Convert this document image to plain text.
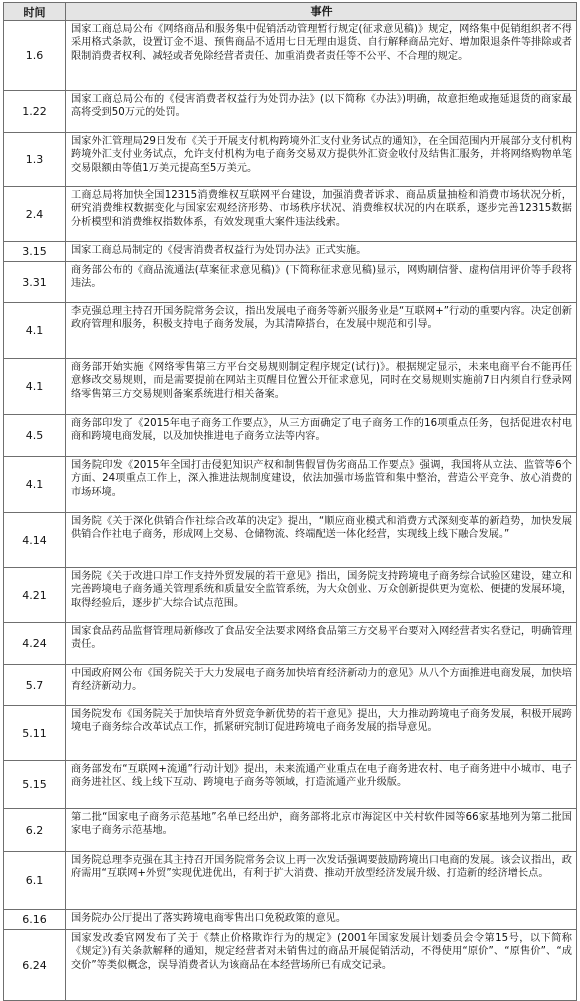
时间	事件
1.6
国家工商总局公布《网络商品和服务集中促销活动管理暂行规定(征求意见稿)》规定，网络集中促销组织者不得采用格式条款，设置订金不退、预售商品不适用七日无理由退货、自行解释商品完好、增加限退条件等排除或者限制消费者权利、减轻或者免除经营者责任、加重消费者责任等不公平、不合理的规定。
1.22
国家工商总局公布的《侵害消费者权益行为处罚办法》(以下简称《办法》)明确，故意拒绝或拖延退货的商家最高将受到50万元的处罚。
1.3
国家外汇管理局29日发布《关于开展支付机构跨境外汇支付业务试点的通知》，在全国范围内开展部分支付机构跨境外汇支付业务试点，允许支付机构为电子商务交易双方提供外汇资金收付及结售汇服务，并将网络购物单笔交易限额由等值1万美元提高至5万美元。
2.4
工商总局将加快全国12315消费维权互联网平台建设，加强消费者诉求、商品质量抽检和消费市场状况分析，研究消费维权数据变化与国家宏观经济形势、市场秩序状况、消费维权状况的内在联系，逐步完善12315数据分析模型和消费维权指数体系，有效发现重大案件违法线索。
3.15	国家工商总局制定的《侵害消费者权益行为处罚办法》正式实施。
3.31
商务部公布的《商品流通法(草案征求意见稿)》(下简称征求意见稿)显示，网购刷信誉、虚构信用评价等手段将违法。
4.1
李克强总理主持召开国务院常务会议，指出发展电子商务等新兴服务业是“互联网+”行动的重要内容。决定创新政府管理和服务，积极支持电子商务发展，为其清障搭台，在发展中规范和引导。
4.1
商务部开始实施《网络零售第三方平台交易规则制定程序规定(试行)》。根据规定显示，未来电商平台不能再任意修改交易规则，而是需要提前在网站主页醒目位置公开征求意见，同时在交易规则实施前7日内须自行登录网络零售第三方交易规则备案系统进行相关备案。
4.5
商务部印发了《2015年电子商务工作要点》，从三方面确定了电子商务工作的16项重点任务，包括促进农村电商和跨境电商发展，以及加快推进电子商务立法等内容。
4.1
国务院印发《2015年全国打击侵犯知识产权和制售假冒伪劣商品工作要点》强调，我国将从立法、监管等6个方面、24项重点工作上，深入推进法规制度建设，依法加强市场监管和集中整治，营造公平竞争、放心消费的市场环境。
4.14
国务院《关于深化供销合作社综合改革的决定》提出，“顺应商业模式和消费方式深刻变革的新趋势，加快发展供销合作社电子商务，形成网上交易、仓储物流、终端配送一体化经营，实现线上线下融合发展。”
4.21
国务院《关于改进口岸工作支持外贸发展的若干意见》指出，国务院支持跨境电子商务综合试验区建设，建立和完善跨境电子商务通关管理系统和质量安全监管系统，为大众创业、万众创新提供更为宽松、便捷的发展环境，取得经验后，逐步扩大综合试点范围。
4.24
国家食品药品监督管理局新修改了食品安全法要求网络食品第三方交易平台要对入网经营者实名登记，明确管理责任。
5.7
中国政府网公布《国务院关于大力发展电子商务加快培育经济新动力的意见》从八个方面推进电商发展，加快培育经济新动力。
5.11
国务院发布《国务院关于加快培育外贸竞争新优势的若干意见》提出，大力推动跨境电子商务发展，积极开展跨境电子商务综合改革试点工作，抓紧研究制订促进跨境电子商务发展的指导意见。
5.15
商务部发布“互联网+流通”行动计划》提出，未来流通产业重点在电子商务进农村、电子商务进中小城市、电子商务进社区、线上线下互动、跨境电子商务等领域，打造流通产业升级版。
6.2
第二批“国家电子商务示范基地”名单已经出炉，商务部将北京市海淀区中关村软件园等66家基地列为第二批国家电子商务示范基地。
6.1
国务院总理李克强在其主持召开国务院常务会议上再一次发话强调要鼓励跨境出口电商的发展。该会议指出，政府需用“互联网+外贸”实现优进优出，有利于扩大消费、推动开放型经济发展升级、打造新的经济增长点。
6.16	国务院办公厅提出了落实跨境电商零售出口免税政策的意见。
6.24
国家发改委官网发布了关于《禁止价格欺诈行为的规定》(2001年国家发展计划委员会令第15号，以下简称《规定》)有关条款解释的通知，规定经营者对未销售过的商品开展促销活动，不得使用“原价”、“原售价”、“成交价”等类似概念，误导消费者认为该商品在本经营场所已有成交记录。
